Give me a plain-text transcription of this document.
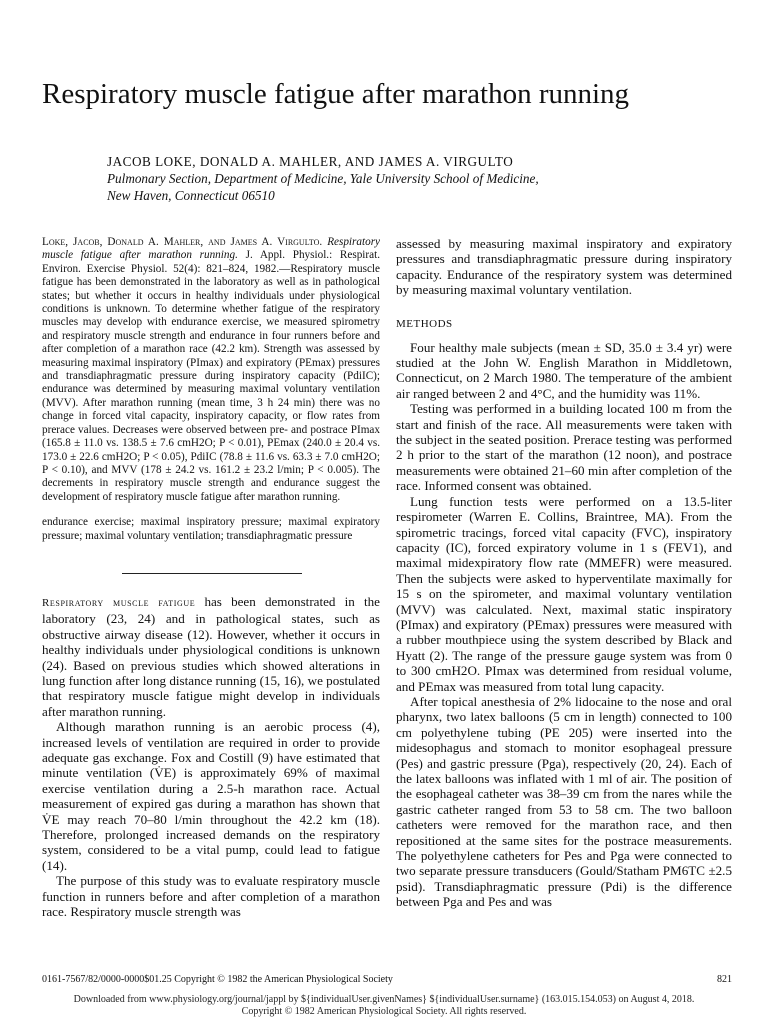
Respiratory muscle fatigue after marathon running
JACOB LOKE, DONALD A. MAHLER, AND JAMES A. VIRGULTO
Pulmonary Section, Department of Medicine, Yale University School of Medicine,
New Haven, Connecticut 06510

Loke, Jacob, Donald A. Mahler, and James A. Virgulto. Respiratory muscle fatigue after marathon running. J. Appl. Physiol.: Respirat. Environ. Exercise Physiol. 52(4): 821–824, 1982.—Respiratory muscle fatigue has been demonstrated in the laboratory as well as in pathological states; but whether it occurs in healthy individuals under physiological conditions is unknown. To determine whether fatigue of the respiratory muscles may develop with endurance exercise, we measured spirometry and respiratory muscle strength and endurance in four runners before and after completion of a marathon race (42.2 km). Strength was assessed by measuring maximal inspiratory (PImax) and expiratory (PEmax) pressures and transdiaphragmatic pressure during inspiratory capacity (PdiIC); endurance was determined by measuring maximal voluntary ventilation (MVV). After marathon running (mean time, 3 h 24 min) there was no change in forced vital capacity, inspiratory capacity, or flow rates from prerace values. Decreases were observed between pre- and postrace PImax (165.8 ± 11.0 vs. 138.5 ± 7.6 cmH2O; P < 0.01), PEmax (240.0 ± 20.4 vs. 173.0 ± 22.6 cmH2O; P < 0.05), PdiIC (78.8 ± 11.6 vs. 63.3 ± 7.0 cmH2O; P < 0.10), and MVV (178 ± 24.2 vs. 161.2 ± 23.2 l/min; P < 0.005). The decrements in respiratory muscle strength and endurance suggest the development of respiratory muscle fatigue after marathon running.

endurance exercise; maximal inspiratory pressure; maximal expiratory pressure; maximal voluntary ventilation; transdiaphragmatic pressure

Respiratory muscle fatigue has been demonstrated in the laboratory (23, 24) and in pathological states, such as obstructive airway disease (12). However, whether it occurs in healthy individuals under physiological conditions is unknown (24). Based on previous studies which showed alterations in lung function after long distance running (15, 16), we postulated that respiratory muscle fatigue might develop in individuals after marathon running.

Although marathon running is an aerobic process (4), increased levels of ventilation are required in order to provide adequate gas exchange. Fox and Costill (9) have estimated that minute ventilation (V̇E) is approximately 69% of maximal exercise ventilation during a 2.5-h marathon race. Actual measurement of expired gas during a marathon has shown that V̇E may reach 70–80 l/min throughout the 42.2 km (18). Therefore, prolonged increased demands on the respiratory system, considered to be a vital pump, could lead to fatigue (14).

The purpose of this study was to evaluate respiratory muscle function in runners before and after completion of a marathon race. Respiratory muscle strength was

assessed by measuring maximal inspiratory and expiratory pressures and transdiaphragmatic pressure during inspiratory capacity. Endurance of the respiratory system was determined by measuring maximal voluntary ventilation.

METHODS

Four healthy male subjects (mean ± SD, 35.0 ± 3.4 yr) were studied at the John W. English Marathon in Middletown, Connecticut, on 2 March 1980. The temperature of the ambient air ranged between 2 and 4°C, and the humidity was 11%.

Testing was performed in a building located 100 m from the start and finish of the race. All measurements were taken with the subject in the seated position. Prerace testing was performed 2 h prior to the start of the marathon (12 noon), and postrace measurements were obtained 21–60 min after completion of the race. Informed consent was obtained.

Lung function tests were performed on a 13.5-liter respirometer (Warren E. Collins, Braintree, MA). From the spirometric tracings, forced vital capacity (FVC), inspiratory capacity (IC), forced expiratory volume in 1 s (FEV1), and maximal midexpiratory flow rate (MMEFR) were measured. Then the subjects were asked to hyperventilate maximally for 15 s on the spirometer, and maximal voluntary ventilation (MVV) was calculated. Next, maximal static inspiratory (PImax) and expiratory (PEmax) pressures were measured with a rubber mouthpiece using the system described by Black and Hyatt (2). The range of the pressure gauge system was from 0 to 300 cmH2O. PImax was determined from residual volume, and PEmax was measured from total lung capacity.

After topical anesthesia of 2% lidocaine to the nose and oral pharynx, two latex balloons (5 cm in length) connected to 100 cm polyethylene tubing (PE 205) were inserted into the midesophagus and stomach to monitor esophageal pressure (Pes) and gastric pressure (Pga), respectively (20, 24). Each of the latex balloons was inflated with 1 ml of air. The position of the esophageal catheter was 38–39 cm from the nares while the gastric catheter ranged from 53 to 58 cm. The two balloon catheters were removed for the marathon race, and then repositioned at the same sites for the postrace measurements. The polyethylene catheters for Pes and Pga were connected to two separate pressure transducers (Gould/Statham PM6TC ±2.5 psid). Transdiaphragmatic pressure (Pdi) is the difference between Pga and Pes and was

0161-7567/82/0000-0000$01.25 Copyright © 1982 the American Physiological Society	821
Downloaded from www.physiology.org/journal/jappl by ${individualUser.givenNames} ${individualUser.surname} (163.015.154.053) on August 4, 2018.
Copyright © 1982 American Physiological Society. All rights reserved.
